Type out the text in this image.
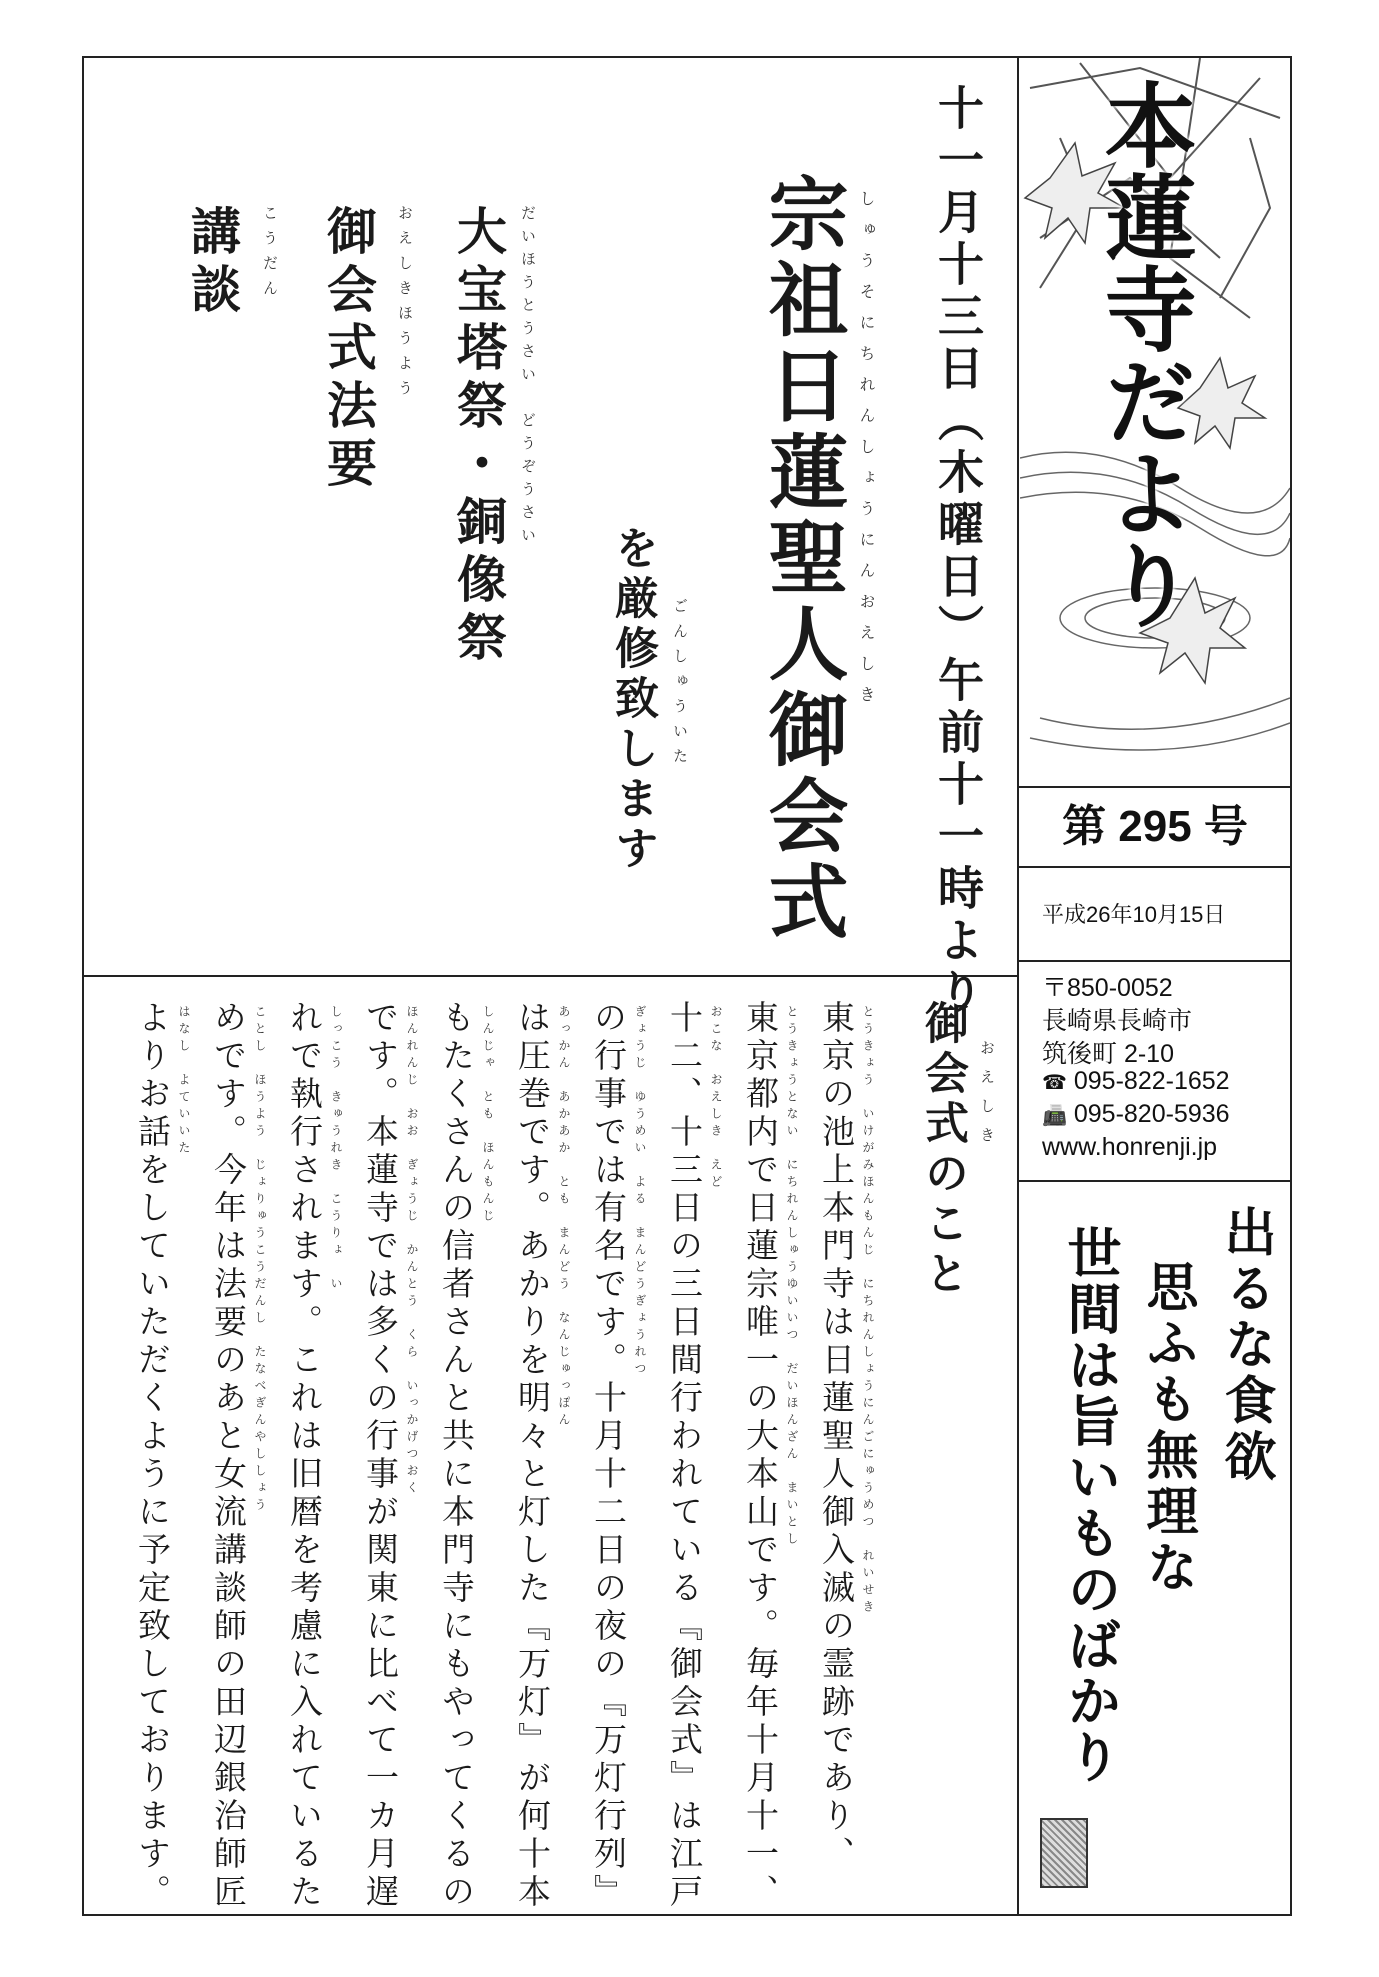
十一月十三日（木曜日）午前十一時より
しゅうそにちれんしょうにんおえしき
宗祖日蓮聖人御会式
ごんしゅういた
を厳修致します
だいほうとうさい　どうぞうさい
大宝塔祭・銅像祭
おえしきほうよう
御会式法要
こうだん
講談	本蓮寺だより
第 295 号
平成26年10月15日
〒850-0052
長崎県長崎市
筑後町 2-10
☎ 095-822-1652
📠 095-820-5936
www.honrenji.jp
出るな食欲
思ふも無理な
世間は旨いものばかり
おえしき
御会式のこと
とうきょう　いけがみほんもんじ　にちれんしょうにんごにゅうめつ　れいせき
東京の池上本門寺は日蓮聖人御入滅の霊跡であり、
とうきょうとない　にちれんしゅうゆいいつ　だいほんざん　まいとし
東京都内で日蓮宗唯一の大本山です。毎年十月十一、
おこな　おえしき　えど
十二、十三日の三日間行われている『御会式』は江戸
ぎょうじ　ゆうめい　よる　まんどうぎょうれつ
の行事では有名です。十月十二日の夜の『万灯行列』
あっかん　あかあか　とも　まんどう　なんじゅっぽん
は圧巻です。あかりを明々と灯した『万灯』が何十本
しんじゃ　とも　ほんもんじ
もたくさんの信者さんと共に本門寺にもやってくるの
ほんれんじ　おお　ぎょうじ　かんとう　くら　いっかげつおく
です。本蓮寺では多くの行事が関東に比べて一カ月遅
しっこう　きゅうれき　こうりょ　い
れで執行されます。これは旧暦を考慮に入れているた
ことし　ほうよう　じょりゅうこうだんし　たなべぎんやししょう
めです。今年は法要のあと女流講談師の田辺銀治師匠
はなし　よていいた
よりお話をしていただくように予定致しております。
